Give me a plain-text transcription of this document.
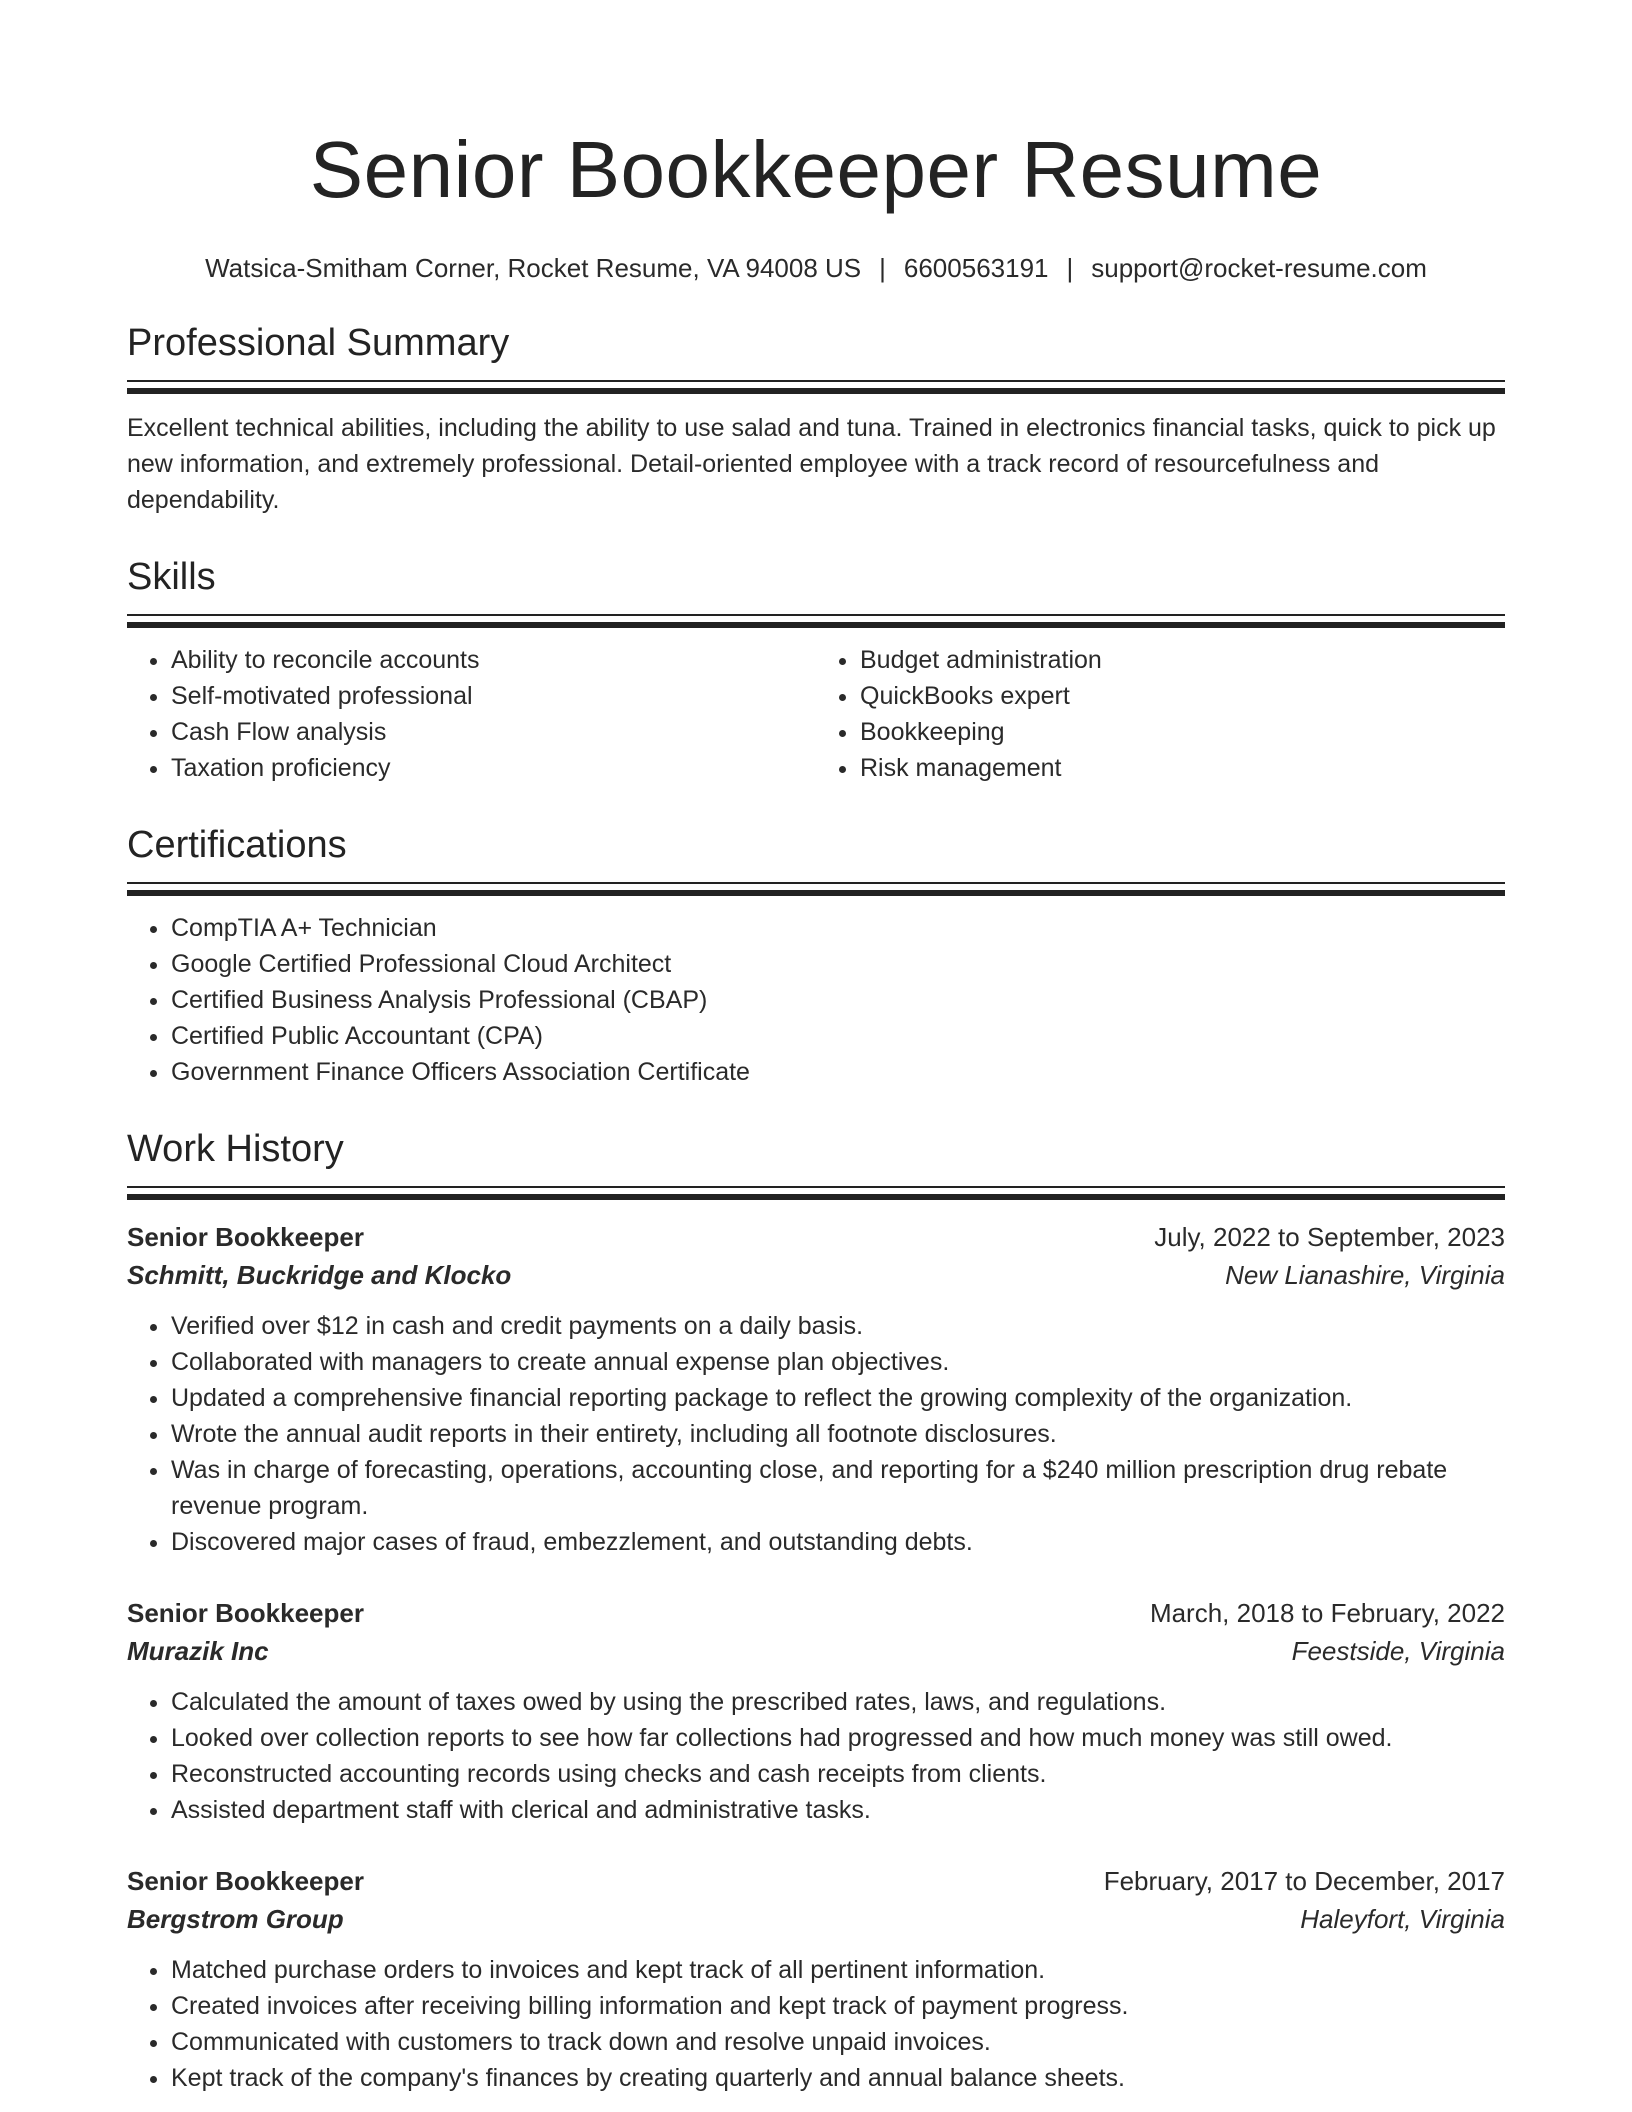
Senior Bookkeeper Resume
Watsica-Smitham Corner, Rocket Resume, VA 94008 US | 6600563191 | support@rocket-resume.com
Professional Summary
Excellent technical abilities, including the ability to use salad and tuna. Trained in electronics financial tasks, quick to pick up new information, and extremely professional. Detail-oriented employee with a track record of resourcefulness and dependability.
Skills
• Ability to reconcile accounts
• Self-motivated professional
• Cash Flow analysis
• Taxation proficiency
• Budget administration
• QuickBooks expert
• Bookkeeping
• Risk management
Certifications
• CompTIA A+ Technician
• Google Certified Professional Cloud Architect
• Certified Business Analysis Professional (CBAP)
• Certified Public Accountant (CPA)
• Government Finance Officers Association Certificate
Work History
Senior Bookkeeper	July, 2022 to September, 2023
Schmitt, Buckridge and Klocko	New Lianashire, Virginia
• Verified over $12 in cash and credit payments on a daily basis.
• Collaborated with managers to create annual expense plan objectives.
• Updated a comprehensive financial reporting package to reflect the growing complexity of the organization.
• Wrote the annual audit reports in their entirety, including all footnote disclosures.
• Was in charge of forecasting, operations, accounting close, and reporting for a $240 million prescription drug rebate revenue program.
• Discovered major cases of fraud, embezzlement, and outstanding debts.
Senior Bookkeeper	March, 2018 to February, 2022
Murazik Inc	Feestside, Virginia
• Calculated the amount of taxes owed by using the prescribed rates, laws, and regulations.
• Looked over collection reports to see how far collections had progressed and how much money was still owed.
• Reconstructed accounting records using checks and cash receipts from clients.
• Assisted department staff with clerical and administrative tasks.
Senior Bookkeeper	February, 2017 to December, 2017
Bergstrom Group	Haleyfort, Virginia
• Matched purchase orders to invoices and kept track of all pertinent information.
• Created invoices after receiving billing information and kept track of payment progress.
• Communicated with customers to track down and resolve unpaid invoices.
• Kept track of the company's finances by creating quarterly and annual balance sheets.
